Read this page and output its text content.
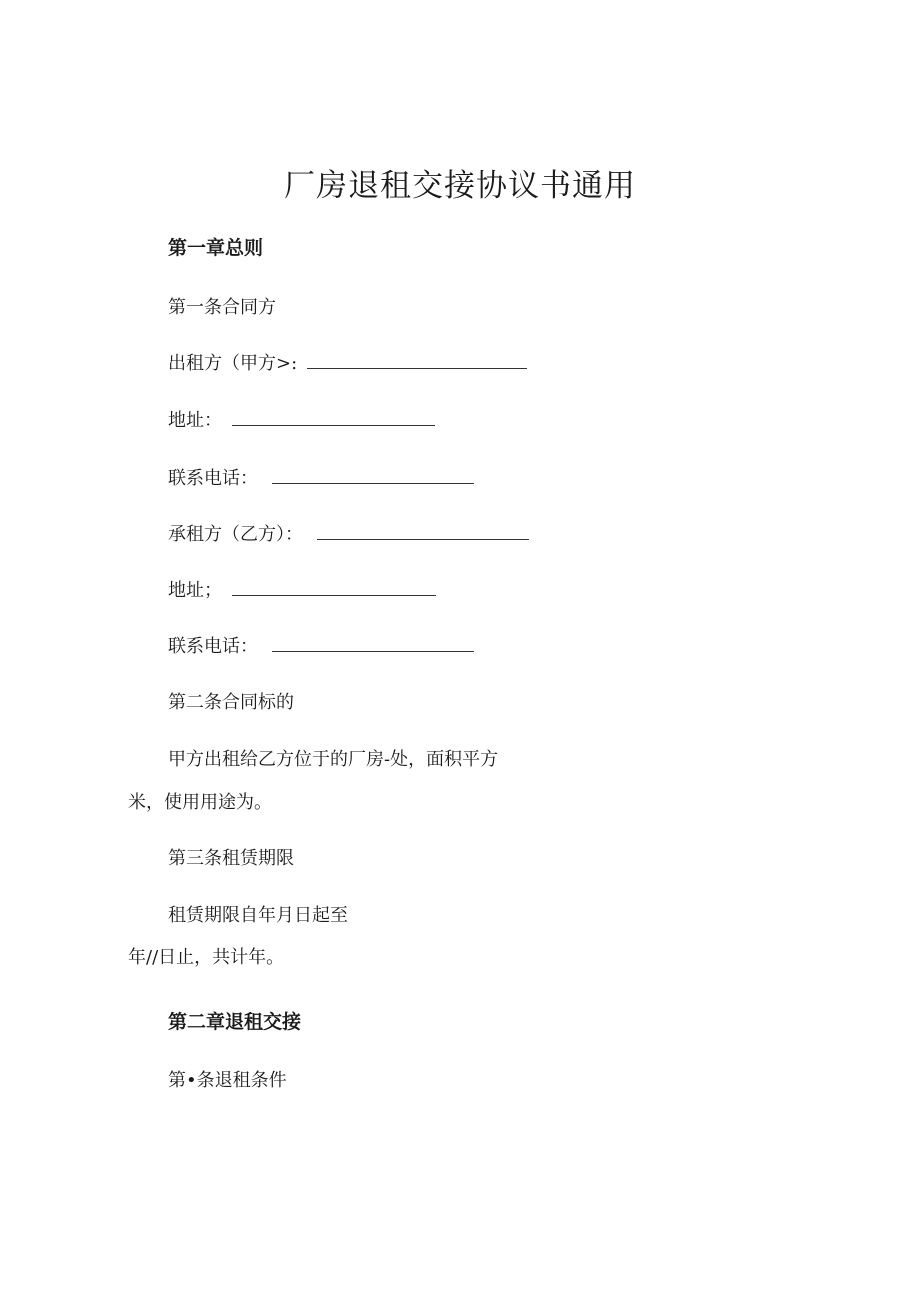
厂房退租交接协议书通用
第一章总则
第一条合同方
出租方（甲方>:
地址：
联系电话：
承租方（乙方）：
地址；
联系电话：
第二条合同标的
甲方出租给乙方位于的厂房-处，面积平方
米，使用用途为。
第三条租赁期限
租赁期限自年月日起至
年//日止，共计年。
第二章退租交接
第•条退租条件
